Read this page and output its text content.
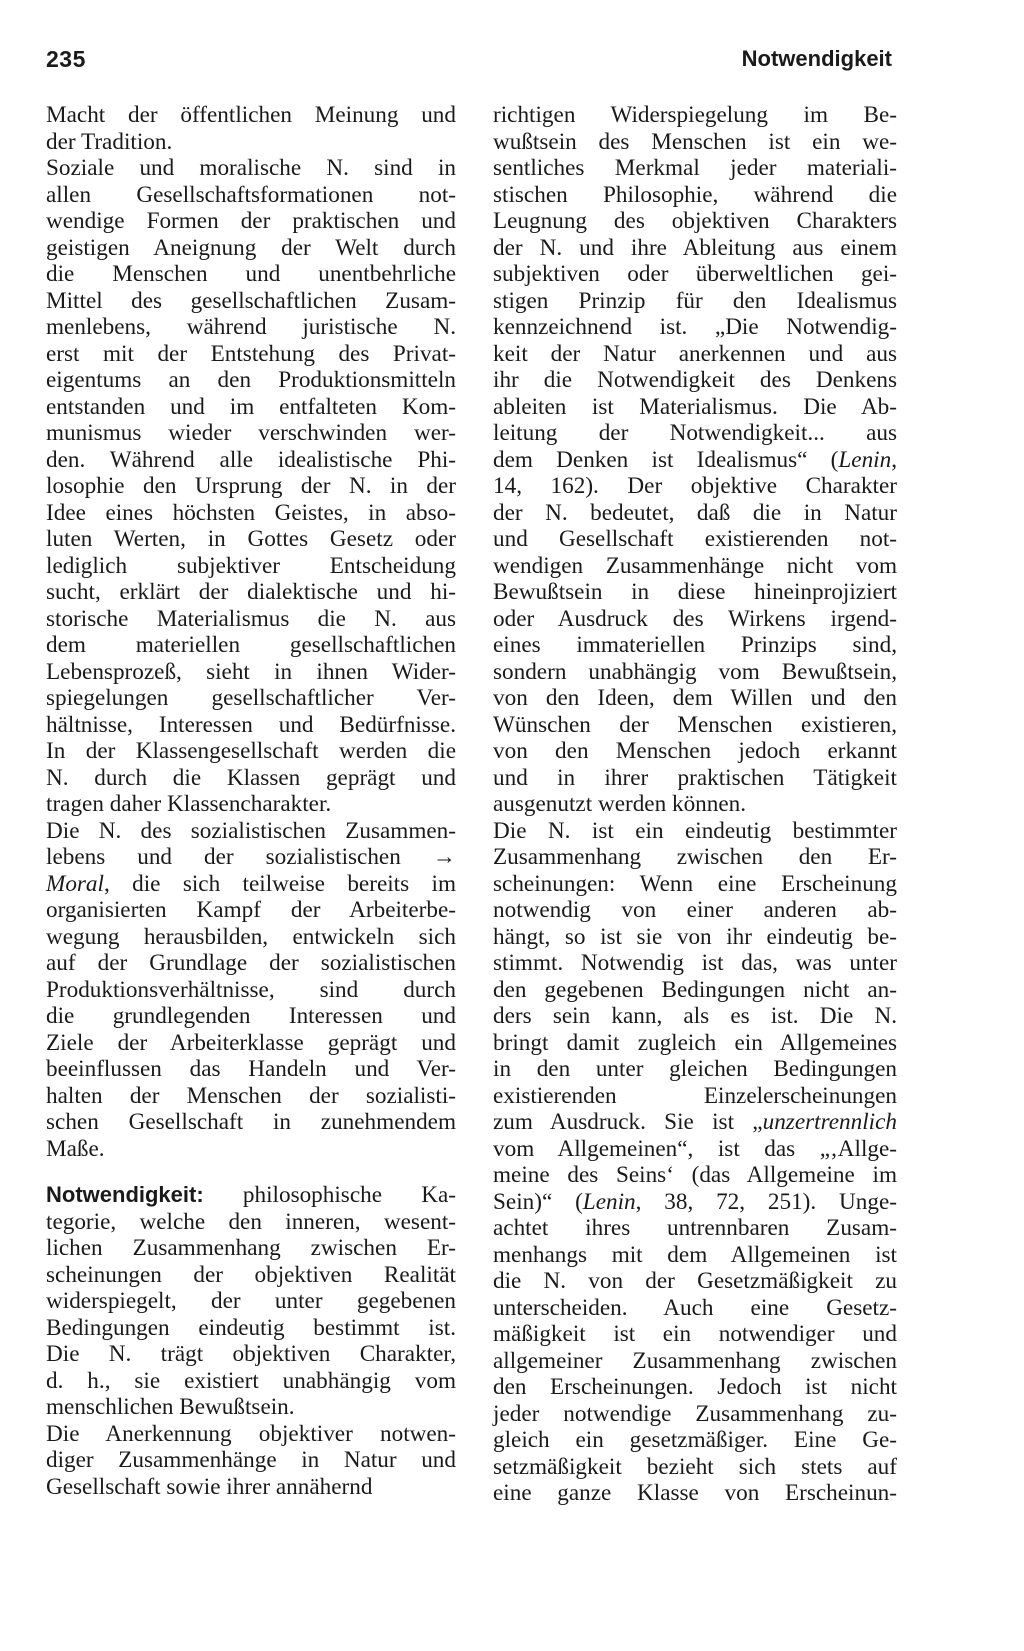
235	Notwendigkeit
Macht der öffentlichen Meinung und
der Tradition.
Soziale und moralische N. sind in
allen Gesellschaftsformationen not-
wendige Formen der praktischen und
geistigen Aneignung der Welt durch
die Menschen und unentbehrliche
Mittel des gesellschaftlichen Zusam-
menlebens, während juristische N.
erst mit der Entstehung des Privat-
eigentums an den Produktionsmitteln
entstanden und im entfalteten Kom-
munismus wieder verschwinden wer-
den. Während alle idealistische Phi-
losophie den Ursprung der N. in der
Idee eines höchsten Geistes, in abso-
luten Werten, in Gottes Gesetz oder
lediglich subjektiver Entscheidung
sucht, erklärt der dialektische und hi-
storische Materialismus die N. aus
dem materiellen gesellschaftlichen
Lebensprozeß, sieht in ihnen Wider-
spiegelungen gesellschaftlicher Ver-
hältnisse, Interessen und Bedürfnisse.
In der Klassengesellschaft werden die
N. durch die Klassen geprägt und
tragen daher Klassencharakter.
Die N. des sozialistischen Zusammen-
lebens und der sozialistischen →
Moral, die sich teilweise bereits im
organisierten Kampf der Arbeiterbe-
wegung herausbilden, entwickeln sich
auf der Grundlage der sozialistischen
Produktionsverhältnisse, sind durch
die grundlegenden Interessen und
Ziele der Arbeiterklasse geprägt und
beeinflussen das Handeln und Ver-
halten der Menschen der sozialisti-
schen Gesellschaft in zunehmendem
Maße.
Notwendigkeit: philosophische Ka-
tegorie, welche den inneren, wesent-
lichen Zusammenhang zwischen Er-
scheinungen der objektiven Realität
widerspiegelt, der unter gegebenen
Bedingungen eindeutig bestimmt ist.
Die N. trägt objektiven Charakter,
d. h., sie existiert unabhängig vom
menschlichen Bewußtsein.
Die Anerkennung objektiver notwen-
diger Zusammenhänge in Natur und
Gesellschaft sowie ihrer annähernd
richtigen Widerspiegelung im Be-
wußtsein des Menschen ist ein we-
sentliches Merkmal jeder materiali-
stischen Philosophie, während die
Leugnung des objektiven Charakters
der N. und ihre Ableitung aus einem
subjektiven oder überweltlichen gei-
stigen Prinzip für den Idealismus
kennzeichnend ist. „Die Notwendig-
keit der Natur anerkennen und aus
ihr die Notwendigkeit des Denkens
ableiten ist Materialismus. Die Ab-
leitung der Notwendigkeit... aus
dem Denken ist Idealismus“ (Lenin,
14, 162). Der objektive Charakter
der N. bedeutet, daß die in Natur
und Gesellschaft existierenden not-
wendigen Zusammenhänge nicht vom
Bewußtsein in diese hineinprojiziert
oder Ausdruck des Wirkens irgend-
eines immateriellen Prinzips sind,
sondern unabhängig vom Bewußtsein,
von den Ideen, dem Willen und den
Wünschen der Menschen existieren,
von den Menschen jedoch erkannt
und in ihrer praktischen Tätigkeit
ausgenutzt werden können.
Die N. ist ein eindeutig bestimmter
Zusammenhang zwischen den Er-
scheinungen: Wenn eine Erscheinung
notwendig von einer anderen ab-
hängt, so ist sie von ihr eindeutig be-
stimmt. Notwendig ist das, was unter
den gegebenen Bedingungen nicht an-
ders sein kann, als es ist. Die N.
bringt damit zugleich ein Allgemeines
in den unter gleichen Bedingungen
existierenden Einzelerscheinungen
zum Ausdruck. Sie ist „unzertrennlich
vom Allgemeinen“, ist das „‚Allge-
meine des Seins‘ (das Allgemeine im
Sein)“ (Lenin, 38, 72, 251). Unge-
achtet ihres untrennbaren Zusam-
menhangs mit dem Allgemeinen ist
die N. von der Gesetzmäßigkeit zu
unterscheiden. Auch eine Gesetz-
mäßigkeit ist ein notwendiger und
allgemeiner Zusammenhang zwischen
den Erscheinungen. Jedoch ist nicht
jeder notwendige Zusammenhang zu-
gleich ein gesetzmäßiger. Eine Ge-
setzmäßigkeit bezieht sich stets auf
eine ganze Klasse von Erscheinun-
